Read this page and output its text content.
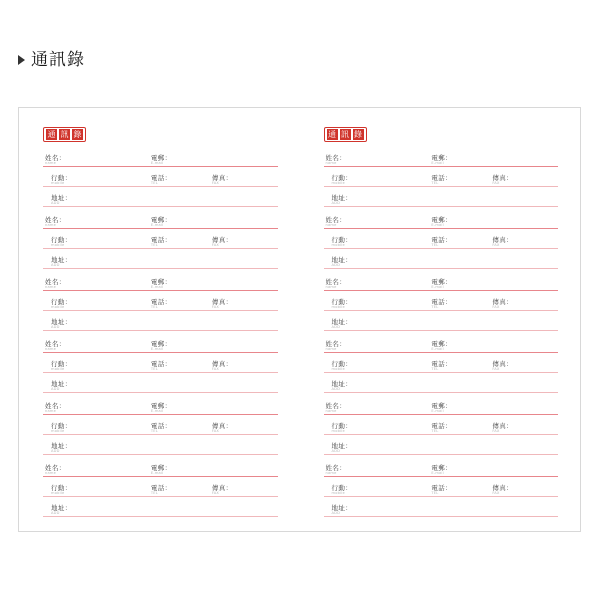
通訊錄
通 訊 錄
姓名：
name
電郵：
E-mail
行動：
mobile
電話：
TEL
傳真：
FAX
地址：
ADD
姓名：
name
電郵：
E-mail
行動：
mobile
電話：
TEL
傳真：
FAX
地址：
ADD
姓名：
name
電郵：
E-mail
行動：
mobile
電話：
TEL
傳真：
FAX
地址：
ADD
姓名：
name
電郵：
E-mail
行動：
mobile
電話：
TEL
傳真：
FAX
地址：
ADD
姓名：
name
電郵：
E-mail
行動：
mobile
電話：
TEL
傳真：
FAX
地址：
ADD
姓名：
name
電郵：
E-mail
行動：
mobile
電話：
TEL
傳真：
FAX
地址：
ADD
通 訊 錄
姓名：
name
電郵：
E-mail
行動：
mobile
電話：
TEL
傳真：
FAX
地址：
ADD
姓名：
name
電郵：
E-mail
行動：
mobile
電話：
TEL
傳真：
FAX
地址：
ADD
姓名：
name
電郵：
E-mail
行動：
mobile
電話：
TEL
傳真：
FAX
地址：
ADD
姓名：
name
電郵：
E-mail
行動：
mobile
電話：
TEL
傳真：
FAX
地址：
ADD
姓名：
name
電郵：
E-mail
行動：
mobile
電話：
TEL
傳真：
FAX
地址：
ADD
姓名：
name
電郵：
E-mail
行動：
mobile
電話：
TEL
傳真：
FAX
地址：
ADD
